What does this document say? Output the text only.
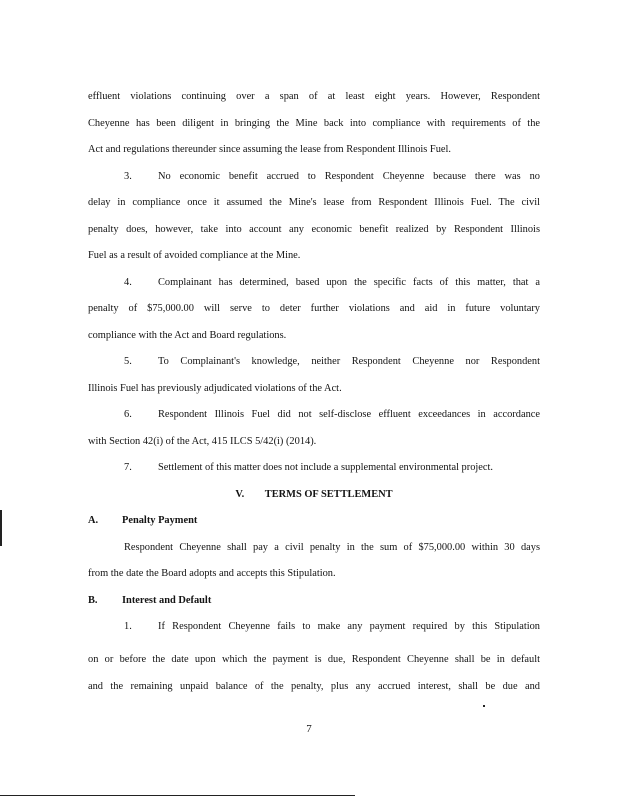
effluent violations continuing over a span of at least eight years. However, Respondent
Cheyenne has been diligent in bringing the Mine back into compliance with requirements of the
Act and regulations thereunder since assuming the lease from Respondent Illinois Fuel.
3.	No economic benefit accrued to Respondent Cheyenne because there was no
delay in compliance once it assumed the Mine's lease from Respondent Illinois Fuel. The civil
penalty does, however, take into account any economic benefit realized by Respondent Illinois
Fuel as a result of avoided compliance at the Mine.
4.	Complainant has determined, based upon the specific facts of this matter, that a
penalty of $75,000.00 will serve to deter further violations and aid in future voluntary
compliance with the Act and Board regulations.
5.	To Complainant's knowledge, neither Respondent Cheyenne nor Respondent
Illinois Fuel has previously adjudicated violations of the Act.
6.	Respondent Illinois Fuel did not self-disclose effluent exceedances in accordance
with Section 42(i) of the Act, 415 ILCS 5/42(i) (2014).
7.	Settlement of this matter does not include a supplemental environmental project.
V.        TERMS OF SETTLEMENT
A. Penalty Payment
Respondent Cheyenne shall pay a civil penalty in the sum of $75,000.00 within 30 days
from the date the Board adopts and accepts this Stipulation.
B. Interest and Default
1.	If Respondent Cheyenne fails to make any payment required by this Stipulation
on or before the date upon which the payment is due, Respondent Cheyenne shall be in default
and the remaining unpaid balance of the penalty, plus any accrued interest, shall be due and
7
